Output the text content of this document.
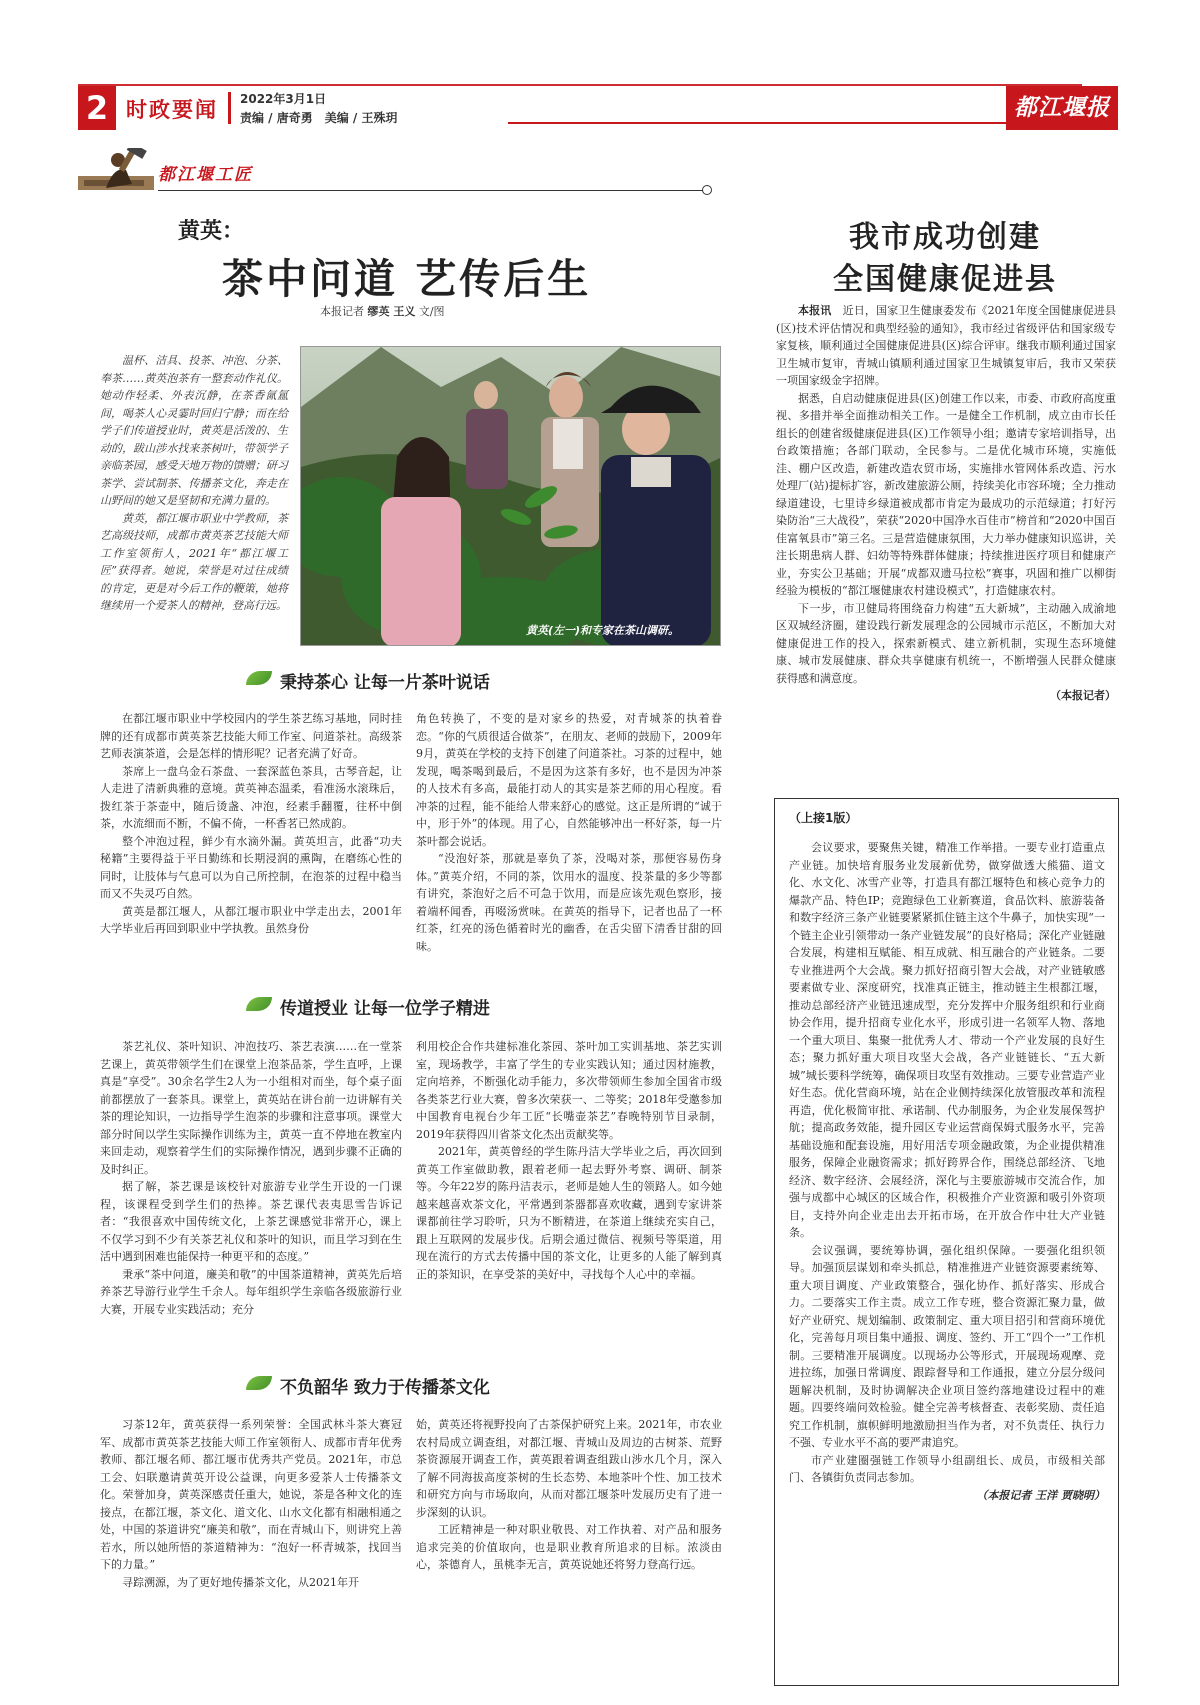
2 时政要闻 2022年3月1日
责编 / 唐奇勇　美编 / 王殊玥	都江堰报
都江堰工匠
黄英：
茶中问道 艺传后生
本报记者 缪英 王义 文/图

温杯、洁具、投茶、冲泡、分茶、奉茶……黄英泡茶有一整套动作礼仪。她动作轻柔、外表沉静，在茶香氤氲间，喝茶人心灵霎时回归宁静；而在给学子们传道授业时，黄英是活泼的、生动的，跋山涉水找来茶树叶，带领学子亲临茶园，感受天地万物的馈赠；研习茶学、尝试制茶、传播茶文化，奔走在山野间的她又是坚韧和充满力量的。

黄英，都江堰市职业中学教师，茶艺高级技师，成都市黄英茶艺技能大师工作室领衔人，2021年“都江堰工匠”获得者。她说，荣誉是对过往成绩的肯定，更是对今后工作的鞭策，她将继续用一个爱茶人的精神，登高行远。

黄英(左一)和专家在茶山调研。
秉持茶心 让每一片茶叶说话

在都江堰市职业中学校园内的学生茶艺练习基地，同时挂牌的还有成都市黄英茶艺技能大师工作室、问道茶社。高级茶艺师表演茶道，会是怎样的情形呢？记者充满了好奇。

茶席上一盘乌金石茶盘、一套深蓝色茶具，古琴音起，让人走进了清新典雅的意境。黄英神态温柔，看准汤水滚珠后，拨红茶于茶壶中，随后烫盏、冲泡，经素手翻覆，往杯中倒茶，水流细而不断，不偏不倚，一杯香茗已然成韵。

整个冲泡过程，鲜少有水滴外漏。黄英坦言，此番“功夫秘籍”主要得益于平日勤练和长期浸润的熏陶，在磨练心性的同时，让肢体与气息可以为自己所控制，在泡茶的过程中稳当而又不失灵巧自然。

黄英是都江堰人，从都江堰市职业中学走出去，2001年大学毕业后再回到职业中学执教。虽然身份

角色转换了，不变的是对家乡的热爱，对青城茶的执着眷恋。“你的气质很适合做茶”，在朋友、老师的鼓励下，2009年9月，黄英在学校的支持下创建了问道茶社。习茶的过程中，她发现，喝茶喝到最后，不是因为这茶有多好，也不是因为冲茶的人技术有多高，最能打动人的其实是茶艺师的用心程度。看冲茶的过程，能不能给人带来舒心的感觉。这正是所谓的“诚于中，形于外”的体现。用了心，自然能够冲出一杯好茶，每一片茶叶都会说话。

“没泡好茶，那就是辜负了茶，没喝对茶，那便容易伤身体。”黄英介绍，不同的茶，饮用水的温度、投茶量的多少等都有讲究，茶泡好之后不可急于饮用，而是应该先观色察形，接着端杯闻香，再啜汤赏味。在黄英的指导下，记者也品了一杯红茶，红亮的汤色循着时光的幽香，在舌尖留下清香甘甜的回味。

传道授业 让每一位学子精进

茶艺礼仪、茶叶知识、冲泡技巧、茶艺表演……在一堂茶艺课上，黄英带领学生们在课堂上泡茶品茶，学生直呼，上课真是“享受”。30余名学生2人为一小组相对而坐，每个桌子面前都摆放了一套茶具。课堂上，黄英站在讲台前一边讲解有关茶的理论知识，一边指导学生泡茶的步骤和注意事项。课堂大部分时间以学生实际操作训练为主，黄英一直不停地在教室内来回走动，观察着学生们的实际操作情况，遇到步骤不正确的及时纠正。

据了解，茶艺课是该校针对旅游专业学生开设的一门课程，该课程受到学生们的热捧。茶艺课代表夷思雪告诉记者：“我很喜欢中国传统文化，上茶艺课感觉非常开心，课上不仅学习到不少有关茶艺礼仪和茶叶的知识，而且学习到在生活中遇到困难也能保持一种更平和的态度。”

秉承“茶中问道，廉美和敬”的中国茶道精神，黄英先后培养茶艺导游行业学生千余人。每年组织学生亲临各级旅游行业大赛，开展专业实践活动；充分

利用校企合作共建标准化茶园、茶叶加工实训基地、茶艺实训室，现场教学，丰富了学生的专业实践认知；通过因材施教，定向培养，不断强化动手能力，多次带领师生参加全国省市级各类茶艺行业大赛，曾多次荣获一、二等奖；2018年受邀参加中国教育电视台少年工匠“长嘴壶茶艺”春晚特别节目录制，2019年获得四川省茶文化杰出贡献奖等。

2021年，黄英曾经的学生陈丹洁大学毕业之后，再次回到黄英工作室做助教，跟着老师一起去野外考察、调研、制茶等。今年22岁的陈丹洁表示，老师是她人生的领路人。如今她越来越喜欢茶文化，平常遇到茶器都喜欢收藏，遇到专家讲茶课都前往学习聆听，只为不断精进，在茶道上继续充实自己，跟上互联网的发展步伐。后期会通过微信、视频号等渠道，用现在流行的方式去传播中国的茶文化，让更多的人能了解到真正的茶知识，在享受茶的美好中，寻找每个人心中的幸福。

不负韶华 致力于传播茶文化

习茶12年，黄英获得一系列荣誉：全国武林斗茶大赛冠军、成都市黄英茶艺技能大师工作室领衔人、成都市青年优秀教师、都江堰名师、都江堰市优秀共产党员。2021年，市总工会、妇联邀请黄英开设公益课，向更多爱茶人士传播茶文化。荣誉加身，黄英深感责任重大，她说，茶是各种文化的连接点，在都江堰，茶文化、道文化、山水文化都有相融相通之处，中国的茶道讲究“廉美和敬”，而在青城山下，则讲究上善若水，所以她所悟的茶道精神为：“泡好一杯青城茶，找回当下的力量。”

寻踪溯源，为了更好地传播茶文化，从2021年开

始，黄英还将视野投向了古茶保护研究上来。2021年，市农业农村局成立调查组，对都江堰、青城山及周边的古树茶、荒野茶资源展开调查工作，黄英跟着调查组跋山涉水几个月，深入了解不同海拔高度茶树的生长态势、本地茶叶个性、加工技术和研究方向与市场取向，从而对都江堰茶叶发展历史有了进一步深刻的认识。

工匠精神是一种对职业敬畏、对工作执着、对产品和服务追求完美的价值取向，也是职业教育所追求的目标。浓淡由心，茶德育人，虽桃李无言，黄英说她还将努力登高行远。

我市成功创建
全国健康促进县

本报讯　 近日，国家卫生健康委发布《2021年度全国健康促进县(区)技术评估情况和典型经验的通知》，我市经过省级评估和国家级专家复核，顺利通过全国健康促进县(区)综合评审。继我市顺利通过国家卫生城市复审，青城山镇顺利通过国家卫生城镇复审后，我市又荣获一项国家级金字招牌。

据悉，自启动健康促进县(区)创建工作以来，市委、市政府高度重视、多措并举全面推动相关工作。一是健全工作机制，成立由市长任组长的创建省级健康促进县(区)工作领导小组；邀请专家培训指导，出台政策措施；各部门联动，全民参与。二是优化城市环境，实施低洼、棚户区改造，新建改造农贸市场，实施排水管网体系改造、污水处理厂(站)提标扩容，新改建旅游公厕，持续美化市容环境；全力推动绿道建设，七里诗乡绿道被成都市肯定为最成功的示范绿道；打好污染防治“三大战役”，荣获“2020中国净水百佳市”榜首和“2020中国百佳富氧县市”第三名。三是营造健康氛围，大力举办健康知识巡讲，关注长期患病人群、妇幼等特殊群体健康；持续推进医疗项目和健康产业，夯实公卫基础；开展“成都双遗马拉松”赛事，巩固和推广以柳街经验为模板的“都江堰健康农村建设模式”，打造健康农村。

下一步，市卫健局将围绕奋力构建“五大新城”，主动融入成渝地区双城经济圈，建设践行新发展理念的公园城市示范区，不断加大对健康促进工作的投入，探索新模式、建立新机制，实现生态环境健康、城市发展健康、群众共享健康有机统一，不断增强人民群众健康获得感和满意度。

（本报记者）
（上接1版）

会议要求，要聚焦关键，精准工作举措。一要专业打造重点产业链。加快培育服务业发展新优势，做穿做透大熊猫、道文化、水文化、冰雪产业等，打造具有都江堰特色和核心竞争力的爆款产品、特色IP；竞跑绿色工业新赛道，食品饮料、旅游装备和数字经济三条产业链要紧紧抓住链主这个牛鼻子，加快实现“一个链主企业引领带动一条产业链发展”的良好格局；深化产业链融合发展，构建相互赋能、相互成就、相互融合的产业链条。二要专业推进两个大会战。聚力抓好招商引智大会战，对产业链敏感要素做专业、深度研究，找准真正链主，推动链主生根都江堰，推动总部经济产业链迅速成型，充分发挥中介服务组织和行业商协会作用，提升招商专业化水平，形成引进一名领军人物、落地一个重大项目、集聚一批优秀人才、带动一个产业发展的良好生态；聚力抓好重大项目攻坚大会战，各产业链链长、“五大新城”城长要科学统筹，确保项目攻坚有效推动。三要专业营造产业好生态。优化营商环境，站在企业侧持续深化放管服改革和流程再造，优化极简审批、承诺制、代办制服务，为企业发展保驾护航；提高政务效能，提升园区专业运营商保姆式服务水平，完善基础设施和配套设施，用好用活专项金融政策，为企业提供精准服务，保障企业融资需求；抓好跨界合作，围绕总部经济、飞地经济、数字经济、会展经济，深化与主要旅游城市交流合作，加强与成都中心城区的区域合作，积极推介产业资源和吸引外资项目，支持外向企业走出去开拓市场，在开放合作中壮大产业链条。

会议强调，要统筹协调，强化组织保障。一要强化组织领导。加强顶层谋划和牵头抓总，精准推进产业链资源要素统筹、重大项目调度、产业政策整合，强化协作、抓好落实、形成合力。二要落实工作主责。成立工作专班，整合资源汇聚力量，做好产业研究、规划编制、政策制定、重大项目招引和营商环境优化，完善每月项目集中通报、调度、签约、开工“四个一”工作机制。三要精准开展调度。以现场办公等形式，开展现场观摩、竞进拉练，加强日常调度、跟踪督导和工作通报，建立分层分级问题解决机制，及时协调解决企业项目签约落地建设过程中的难题。四要终端问效检验。健全完善考核督查、表彰奖励、责任追究工作机制，旗帜鲜明地激励担当作为者，对不负责任、执行力不强、专业水平不高的要严肃追究。

市产业建圈强链工作领导小组副组长、成员，市级相关部门、各镇街负责同志参加。

（本报记者 王洋 贾晓明）
